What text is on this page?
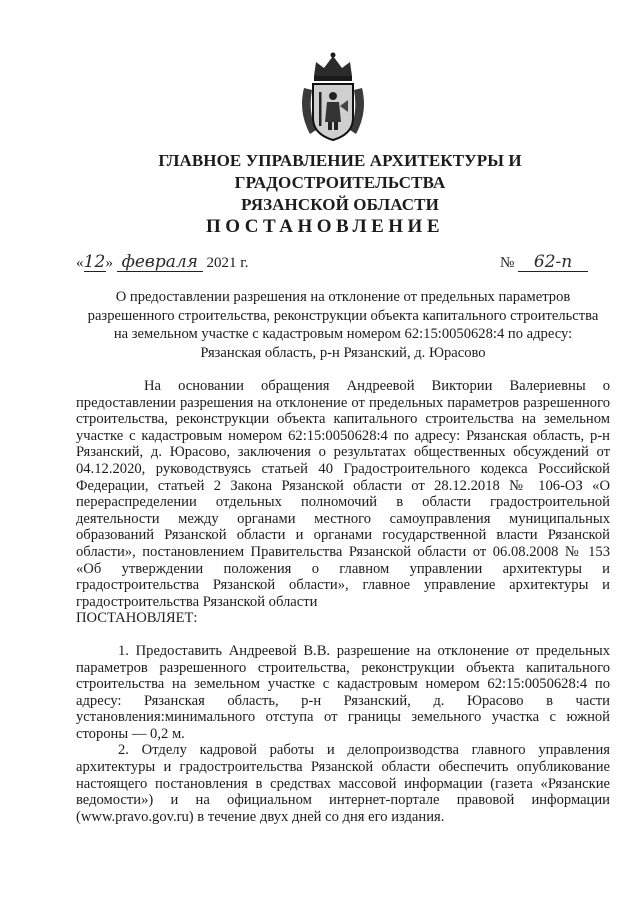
ГЛАВНОЕ УПРАВЛЕНИЕ АРХИТЕКТУРЫ И ГРАДОСТРОИТЕЛЬСТВА
РЯЗАНСКОЙ ОБЛАСТИ
ПОСТАНОВЛЕНИЕ
«12» февраля 2021 г.	№ 62-п
О предоставлении разрешения на отклонение от предельных параметров
разрешенного строительства, реконструкции объекта капитального строительства
на земельном участке с кадастровым номером 62:15:0050628:4 по адресу:
Рязанская область, р-н Рязанский, д. Юрасово

На основании обращения Андреевой Виктории Валериевны о предоставлении разрешения на отклонение от предельных параметров разрешенного строительства, реконструкции объекта капитального строительства на земельном участке с кадастровым номером 62:15:0050628:4 по адресу: Рязанская область, р-н Рязанский, д. Юрасово, заключения о результатах общественных обсуждений от 04.12.2020, руководствуясь статьей 40 Градостроительного кодекса Российской Федерации, статьей 2 Закона Рязанской области от 28.12.2018 № 106-ОЗ «О перераспределении отдельных полномочий в области градостроительной деятельности между органами местного самоуправления муниципальных образований Рязанской области и органами государственной власти Рязанской области», постановлением Правительства Рязанской области от 06.08.2008 № 153 «Об утверждении положения о главном управлении архитектуры и градостроительства Рязанской области», главное управление архитектуры и градостроительства Рязанской области

ПОСТАНОВЛЯЕТ:

1. Предоставить Андреевой В.В. разрешение на отклонение от предельных параметров разрешенного строительства, реконструкции объекта капитального строительства на земельном участке с кадастровым номером 62:15:0050628:4 по адресу: Рязанская область, р-н Рязанский, д. Юрасово в части установления:минимального отступа от границы земельного участка с южной стороны — 0,2 м.

2. Отделу кадровой работы и делопроизводства главного управления архитектуры и градостроительства Рязанской области обеспечить опубликование настоящего постановления в средствах массовой информации (газета «Рязанские ведомости») и на официальном интернет-портале правовой информации (www.pravo.gov.ru) в течение двух дней со дня его издания.
